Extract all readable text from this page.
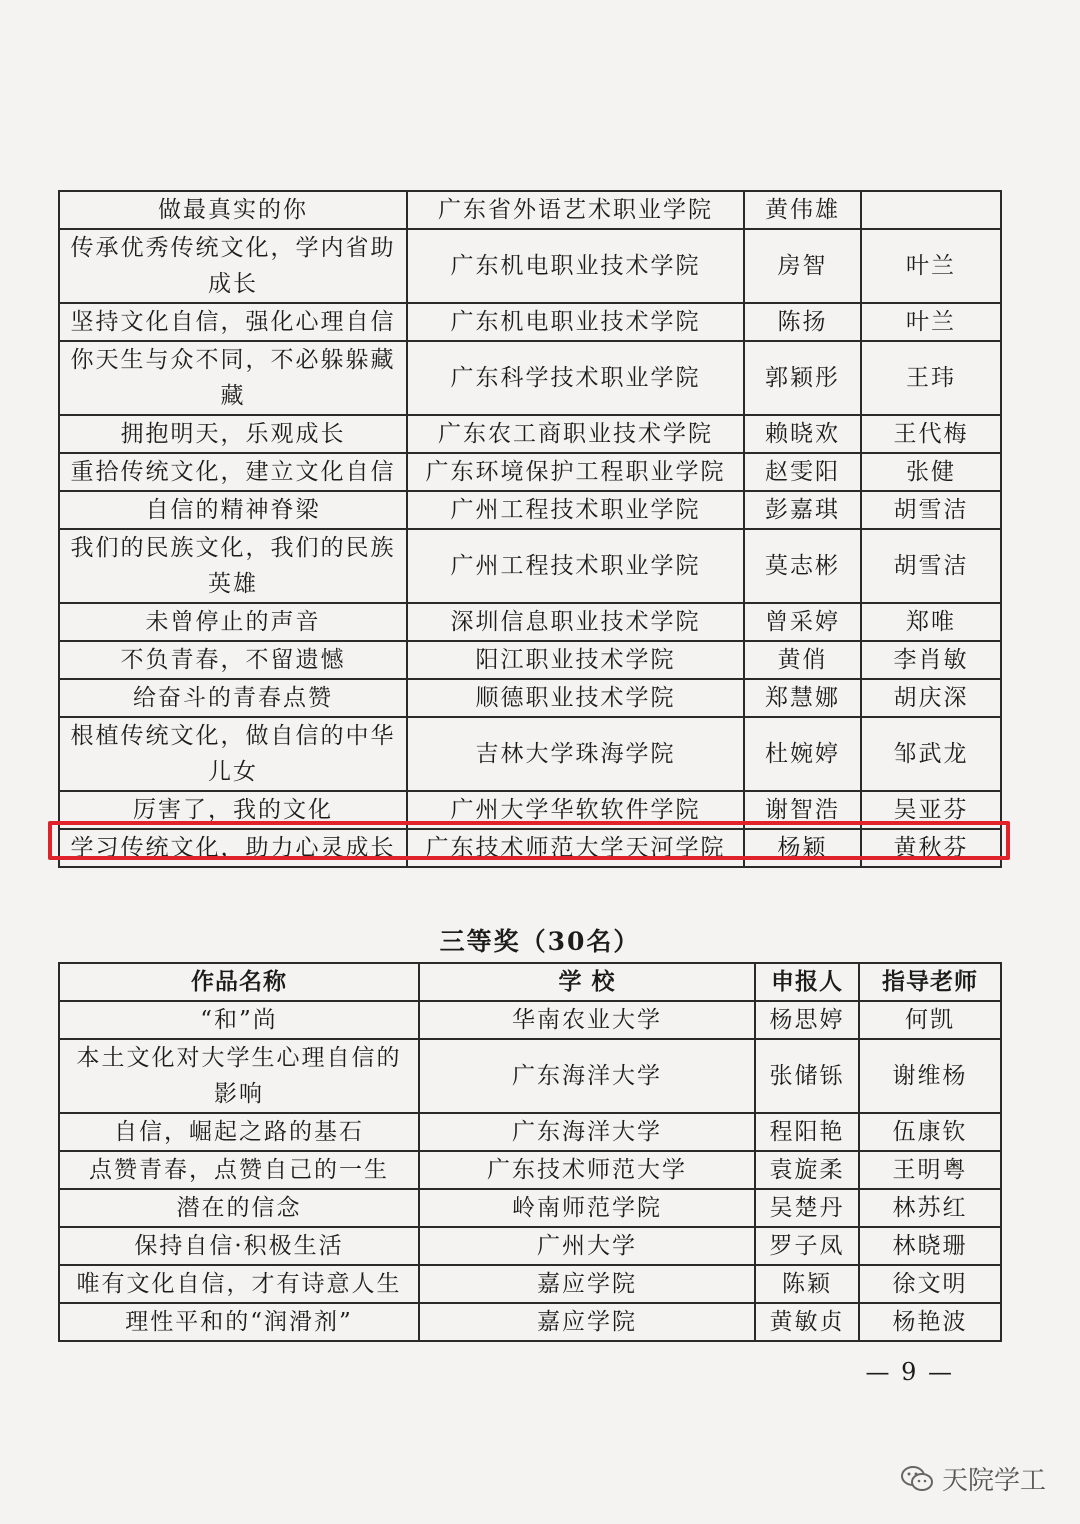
做最真实的你	广东省外语艺术职业学院	黄伟雄	

传承优秀传统文化，学内省助
成长	广东机电职业技术学院	房智	叶兰

坚持文化自信，强化心理自信	广东机电职业技术学院	陈扬	叶兰

你天生与众不同，不必躲躲藏
藏	广东科学技术职业学院	郭颖彤	王玮

拥抱明天，乐观成长	广东农工商职业技术学院	赖晓欢	王代梅

重拾传统文化，建立文化自信	广东环境保护工程职业学院	赵雯阳	张健

自信的精神脊梁	广州工程技术职业学院	彭嘉琪	胡雪洁

我们的民族文化，我们的民族
英雄	广州工程技术职业学院	莫志彬	胡雪洁

未曾停止的声音	深圳信息职业技术学院	曾采婷	郑唯

不负青春，不留遗憾	阳江职业技术学院	黄俏	李肖敏

给奋斗的青春点赞	顺德职业技术学院	郑慧娜	胡庆深

根植传统文化，做自信的中华
儿女	吉林大学珠海学院	杜婉婷	邹武龙

厉害了，我的文化	广州大学华软软件学院	谢智浩	吴亚芬

学习传统文化，助力心灵成长	广东技术师范大学天河学院	杨颖	黄秋芬
三等奖（30名）
作品名称	学 校	申报人	指导老师

“和”尚	华南农业大学	杨思婷	何凯

本土文化对大学生心理自信的
影响	广东海洋大学	张储铄	谢维杨

自信，崛起之路的基石	广东海洋大学	程阳艳	伍康钦

点赞青春，点赞自己的一生	广东技术师范大学	袁旋柔	王明粤

潜在的信念	岭南师范学院	吴楚丹	林苏红

保持自信·积极生活	广州大学	罗子凤	林晓珊

唯有文化自信，才有诗意人生	嘉应学院	陈颖	徐文明

理性平和的“润滑剂”	嘉应学院	黄敏贞	杨艳波
— 9 —
天院学工
